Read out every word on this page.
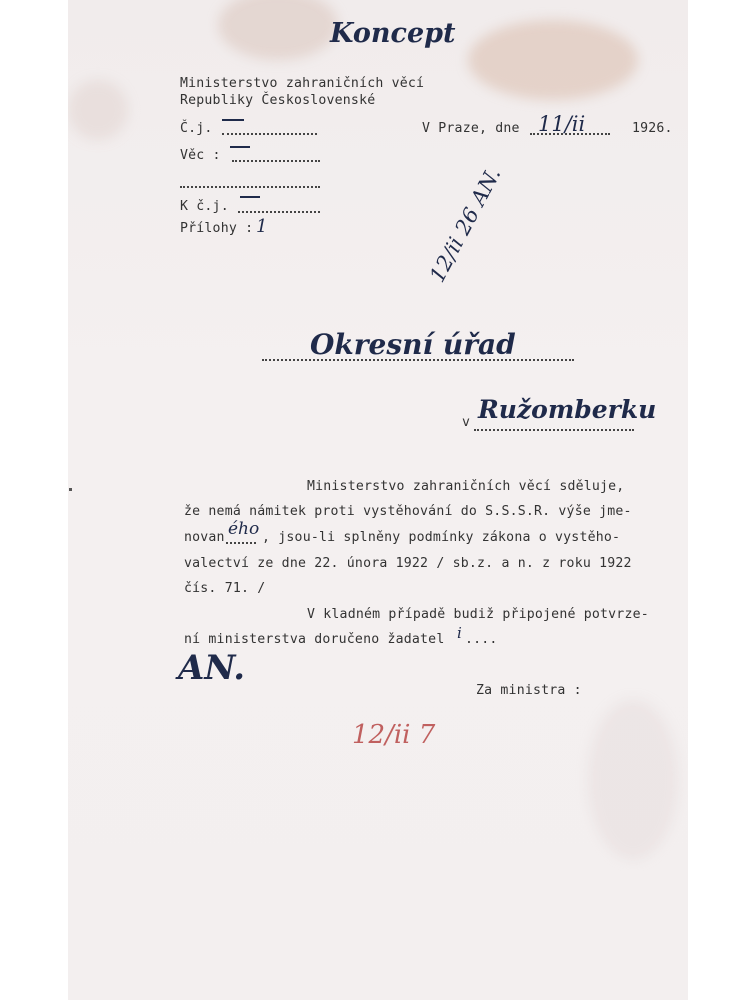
Koncept
Ministerstvo zahraničních věcí
Republiky Československé
Č.j.
Věc :
K č.j.
Přílohy : 1
V Praze, dne 11/ii	1926.
12/ii 26 AN.
Okresní úřad
v Ružomberku
Ministerstvo zahraničních věcí sděluje,
že nemá námitek proti vystěhování do S.S.S.R. výše jme-
novan ého , jsou-li splněny podmínky zákona o vystěho-
valectví ze dne 22. února 1922 / sb.z. a n. z roku 1922
čís. 71. /
V kladném případě budiž připojené potvrze-
ní ministerstva doručeno žadatel i ....
AN.
Za ministra :
12/ii 7
